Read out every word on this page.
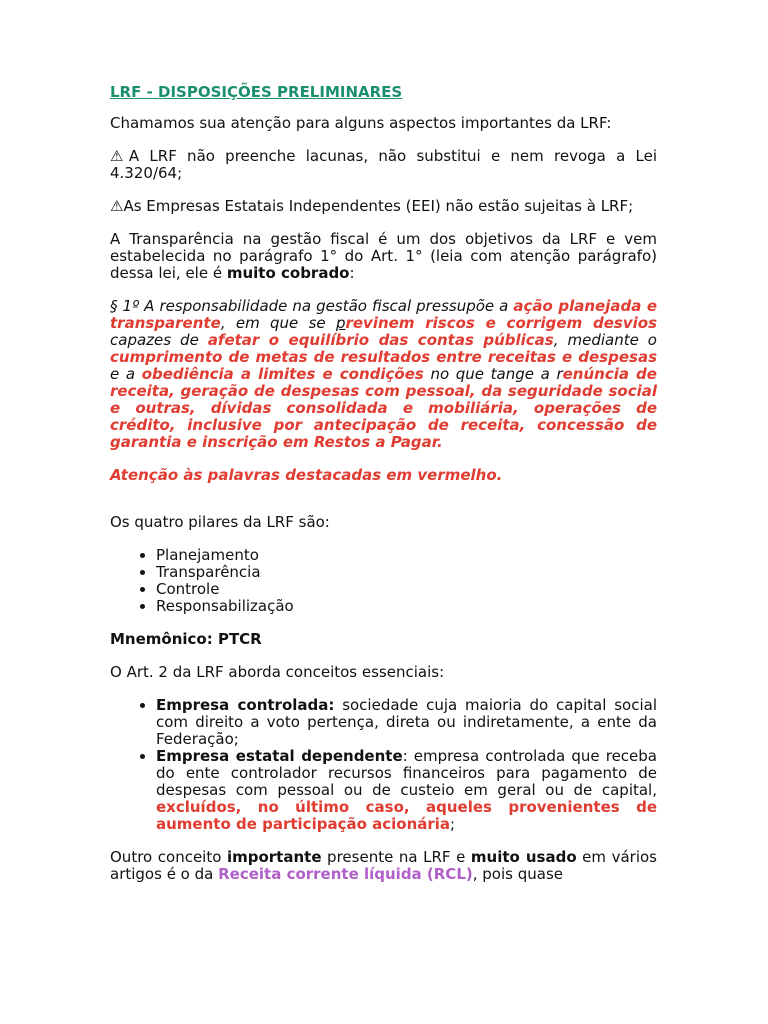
LRF - DISPOSIÇÕES PRELIMINARES

Chamamos sua atenção para alguns aspectos importantes da LRF:

⚠A LRF não preenche lacunas, não substitui e nem revoga a Lei 4.320/64;

⚠As Empresas Estatais Independentes (EEI) não estão sujeitas à LRF;

A Transparência na gestão fiscal é um dos objetivos da LRF e vem estabelecida no parágrafo 1° do Art. 1° (leia com atenção parágrafo) dessa lei, ele é muito cobrado:

§ 1º A responsabilidade na gestão fiscal pressupõe a ação planejada e transparente, em que se previnem riscos e corrigem desvios capazes de afetar o equilíbrio das contas públicas, mediante o cumprimento de metas de resultados entre receitas e despesas e a obediência a limites e condições no que tange a renúncia de receita, geração de despesas com pessoal, da seguridade social e outras, dívidas consolidada e mobiliária, operações de crédito, inclusive por antecipação de receita, concessão de garantia e inscrição em Restos a Pagar.

Atenção às palavras destacadas em vermelho.

Os quatro pilares da LRF são:

• Planejamento
• Transparência
• Controle
• Responsabilização

Mnemônico: PTCR

O Art. 2 da LRF aborda conceitos essenciais:

• Empresa controlada: sociedade cuja maioria do capital social com direito a voto pertença, direta ou indiretamente, a ente da Federação;
• Empresa estatal dependente: empresa controlada que receba do ente controlador recursos financeiros para pagamento de despesas com pessoal ou de custeio em geral ou de capital, excluídos, no último caso, aqueles provenientes de aumento de participação acionária;

Outro conceito importante presente na LRF e muito usado em vários artigos é o da Receita corrente líquida (RCL), pois quase
